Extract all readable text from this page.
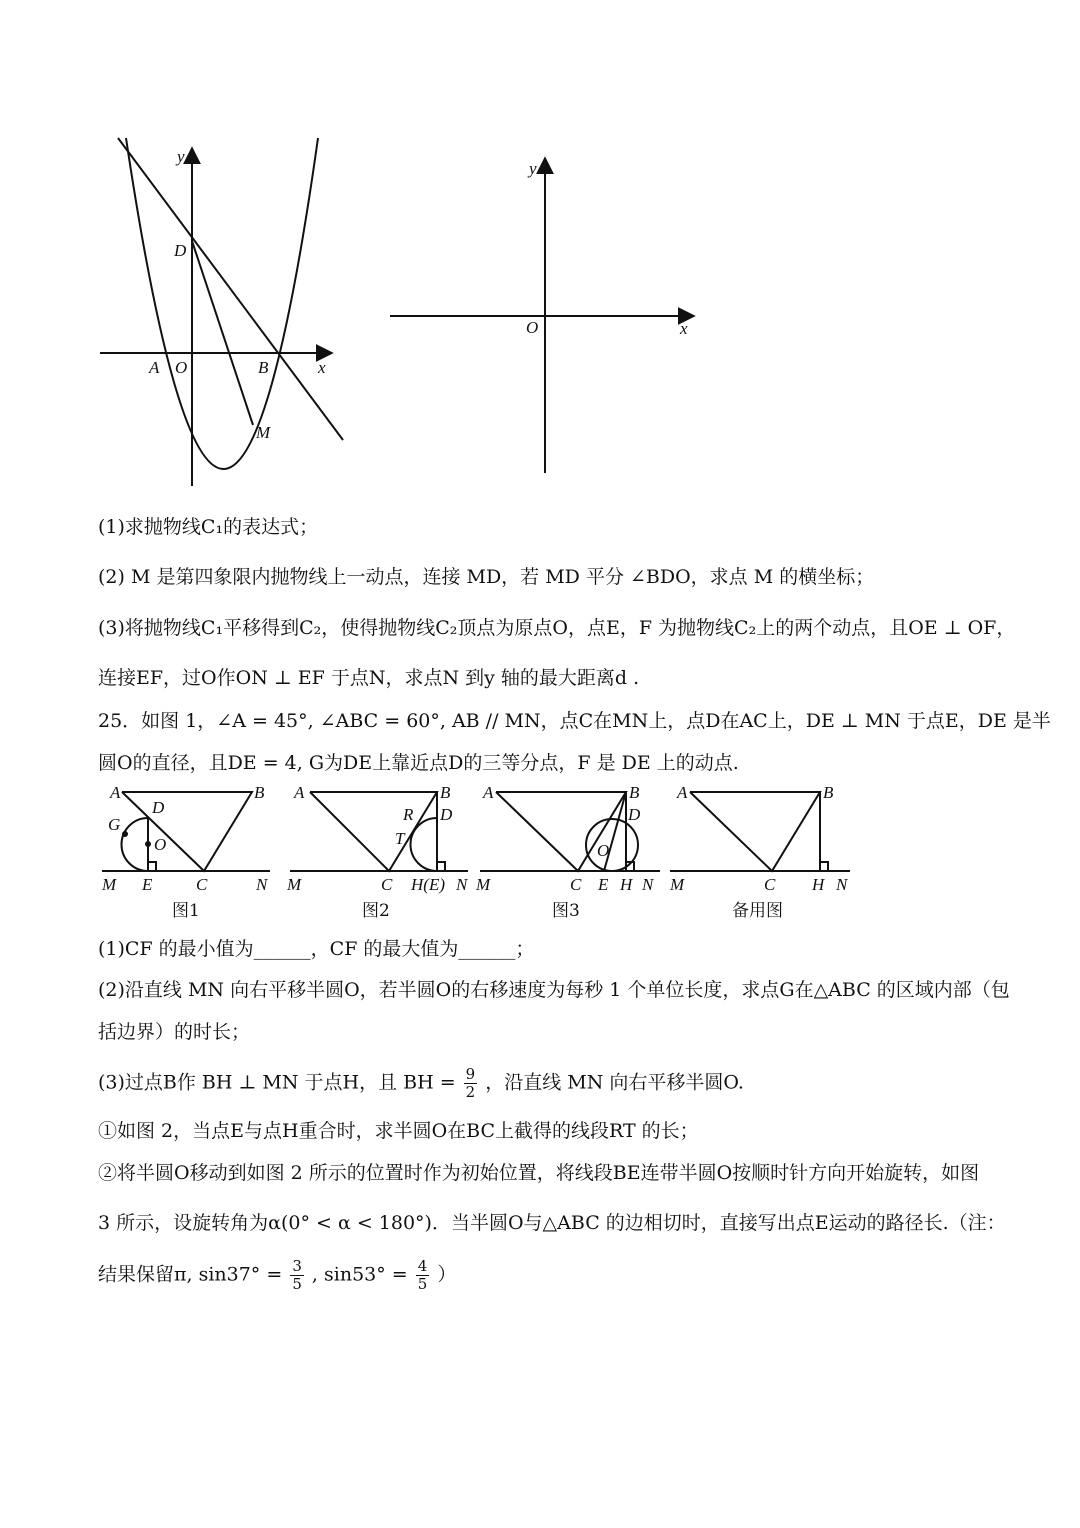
y
D
A O	B	x
M
y
O	x
A	B
D
G
O
M E	C	N
图1
A	B
R D
T
M	C H(E) N
图2
A	B
D
O
M	C E H N
图3
A	B
M	C H N
备用图
(1)求抛物线C₁的表达式；
(2) M 是第四象限内抛物线上一动点，连接 MD，若 MD 平分 ∠BDO，求点 M 的横坐标；
(3)将抛物线C₁平移得到C₂，使得抛物线C₂顶点为原点O，点E，F 为抛物线C₂上的两个动点，且OE ⊥ OF，
连接EF，过O作ON ⊥ EF 于点N，求点N 到y 轴的最大距离d .
25．如图 1，∠A = 45°, ∠ABC = 60°, AB // MN，点C在MN上，点D在AC上，DE ⊥ MN 于点E，DE 是半
圆O的直径，且DE = 4, G为DE上靠近点D的三等分点，F 是 DE 上的动点.
(1)CF 的最小值为______，CF 的最大值为______；
(2)沿直线 MN 向右平移半圆O，若半圆O的右移速度为每秒 1 个单位长度，求点G在△ABC 的区域内部（包
括边界）的时长；
(3)过点B作 BH ⊥ MN 于点H，且 BH = $\frac{9}{2}$ ，沿直线 MN 向右平移半圆O.
①如图 2，当点E与点H重合时，求半圆O在BC上截得的线段RT 的长；
②将半圆O移动到如图 2 所示的位置时作为初始位置，将线段BE连带半圆O按顺时针方向开始旋转，如图
3 所示，设旋转角为α(0° < α < 180°)．当半圆O与△ABC 的边相切时，直接写出点E运动的路径长.（注：
结果保留π, $\sin 37^\circ = \frac{3}{5}$ , $\sin 53^\circ = \frac{4}{5}$ ）
